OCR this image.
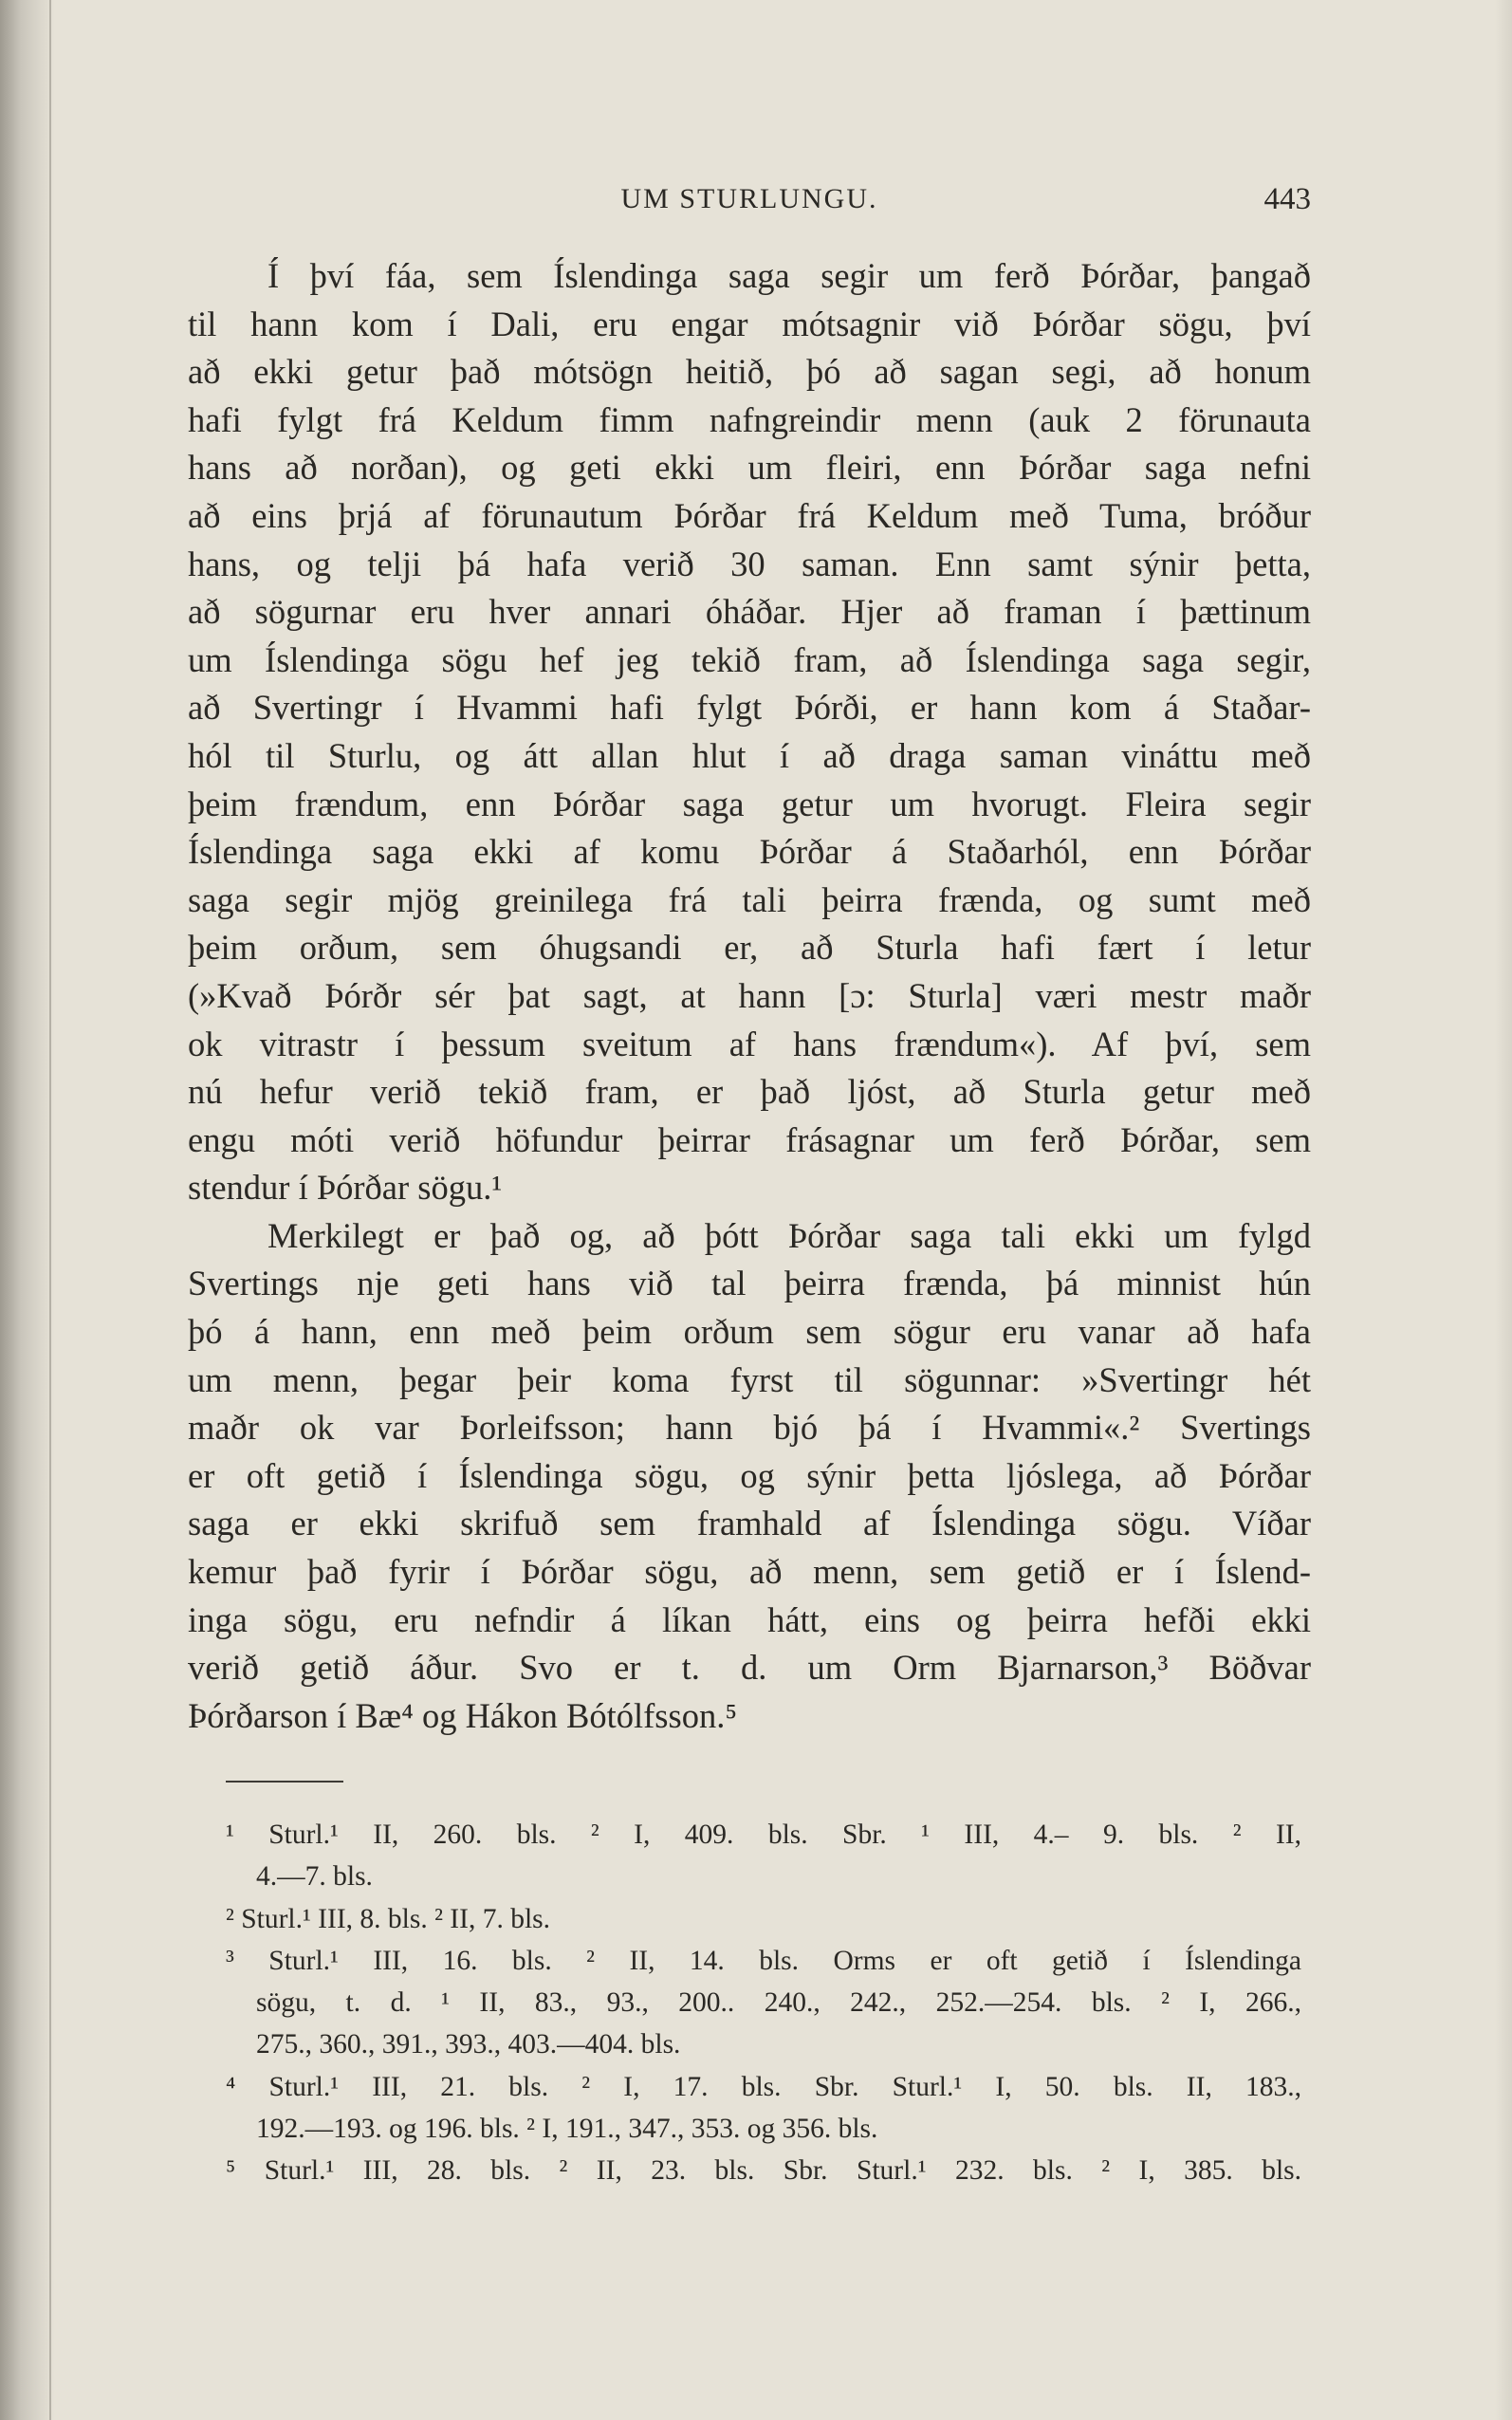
UM STURLUNGU.	443
Í því fáa, sem Íslendinga saga segir um ferð Þórðar, þangað
til hann kom í Dali, eru engar mótsagnir við Þórðar sögu, því
að ekki getur það mótsögn heitið, þó að sagan segi, að honum
hafi fylgt frá Keldum fimm nafngreindir menn (auk 2 förunauta
hans að norðan), og geti ekki um fleiri, enn Þórðar saga nefni
að eins þrjá af förunautum Þórðar frá Keldum með Tuma, bróður
hans, og telji þá hafa verið 30 saman. Enn samt sýnir þetta,
að sögurnar eru hver annari óháðar. Hjer að framan í þættinum
um Íslendinga sögu hef jeg tekið fram, að Íslendinga saga segir,
að Svertingr í Hvammi hafi fylgt Þórði, er hann kom á Staðar-
hól til Sturlu, og átt allan hlut í að draga saman vináttu með
þeim frændum, enn Þórðar saga getur um hvorugt. Fleira segir
Íslendinga saga ekki af komu Þórðar á Staðarhól, enn Þórðar
saga segir mjög greinilega frá tali þeirra frænda, og sumt með
þeim orðum, sem óhugsandi er, að Sturla hafi fært í letur
(»Kvað Þórðr sér þat sagt, at hann [ɔ: Sturla] væri mestr maðr
ok vitrastr í þessum sveitum af hans frændum«). Af því, sem
nú hefur verið tekið fram, er það ljóst, að Sturla getur með
engu móti verið höfundur þeirrar frásagnar um ferð Þórðar, sem
stendur í Þórðar sögu.¹
Merkilegt er það og, að þótt Þórðar saga tali ekki um fylgd
Svertings nje geti hans við tal þeirra frænda, þá minnist hún
þó á hann, enn með þeim orðum sem sögur eru vanar að hafa
um menn, þegar þeir koma fyrst til sögunnar: »Svertingr hét
maðr ok var Þorleifsson; hann bjó þá í Hvammi«.² Svertings
er oft getið í Íslendinga sögu, og sýnir þetta ljóslega, að Þórðar
saga er ekki skrifuð sem framhald af Íslendinga sögu. Víðar
kemur það fyrir í Þórðar sögu, að menn, sem getið er í Íslend-
inga sögu, eru nefndir á líkan hátt, eins og þeirra hefði ekki
verið getið áður. Svo er t. d. um Orm Bjarnarson,³ Böðvar
Þórðarson í Bæ⁴ og Hákon Bótólfsson.⁵
¹ Sturl.¹ II, 260. bls. ² I, 409. bls. Sbr. ¹ III, 4.– 9. bls. ² II,
4.—7. bls.
² Sturl.¹ III, 8. bls. ² II, 7. bls.
³ Sturl.¹ III, 16. bls. ² II, 14. bls. Orms er oft getið í Íslendinga
sögu, t. d. ¹ II, 83., 93., 200.. 240., 242., 252.—254. bls. ² I, 266.,
275., 360., 391., 393., 403.—404. bls.
⁴ Sturl.¹ III, 21. bls. ² I, 17. bls. Sbr. Sturl.¹ I, 50. bls. II, 183.,
192.—193. og 196. bls. ² I, 191., 347., 353. og 356. bls.
⁵ Sturl.¹ III, 28. bls. ² II, 23. bls. Sbr. Sturl.¹ 232. bls. ² I, 385. bls.
